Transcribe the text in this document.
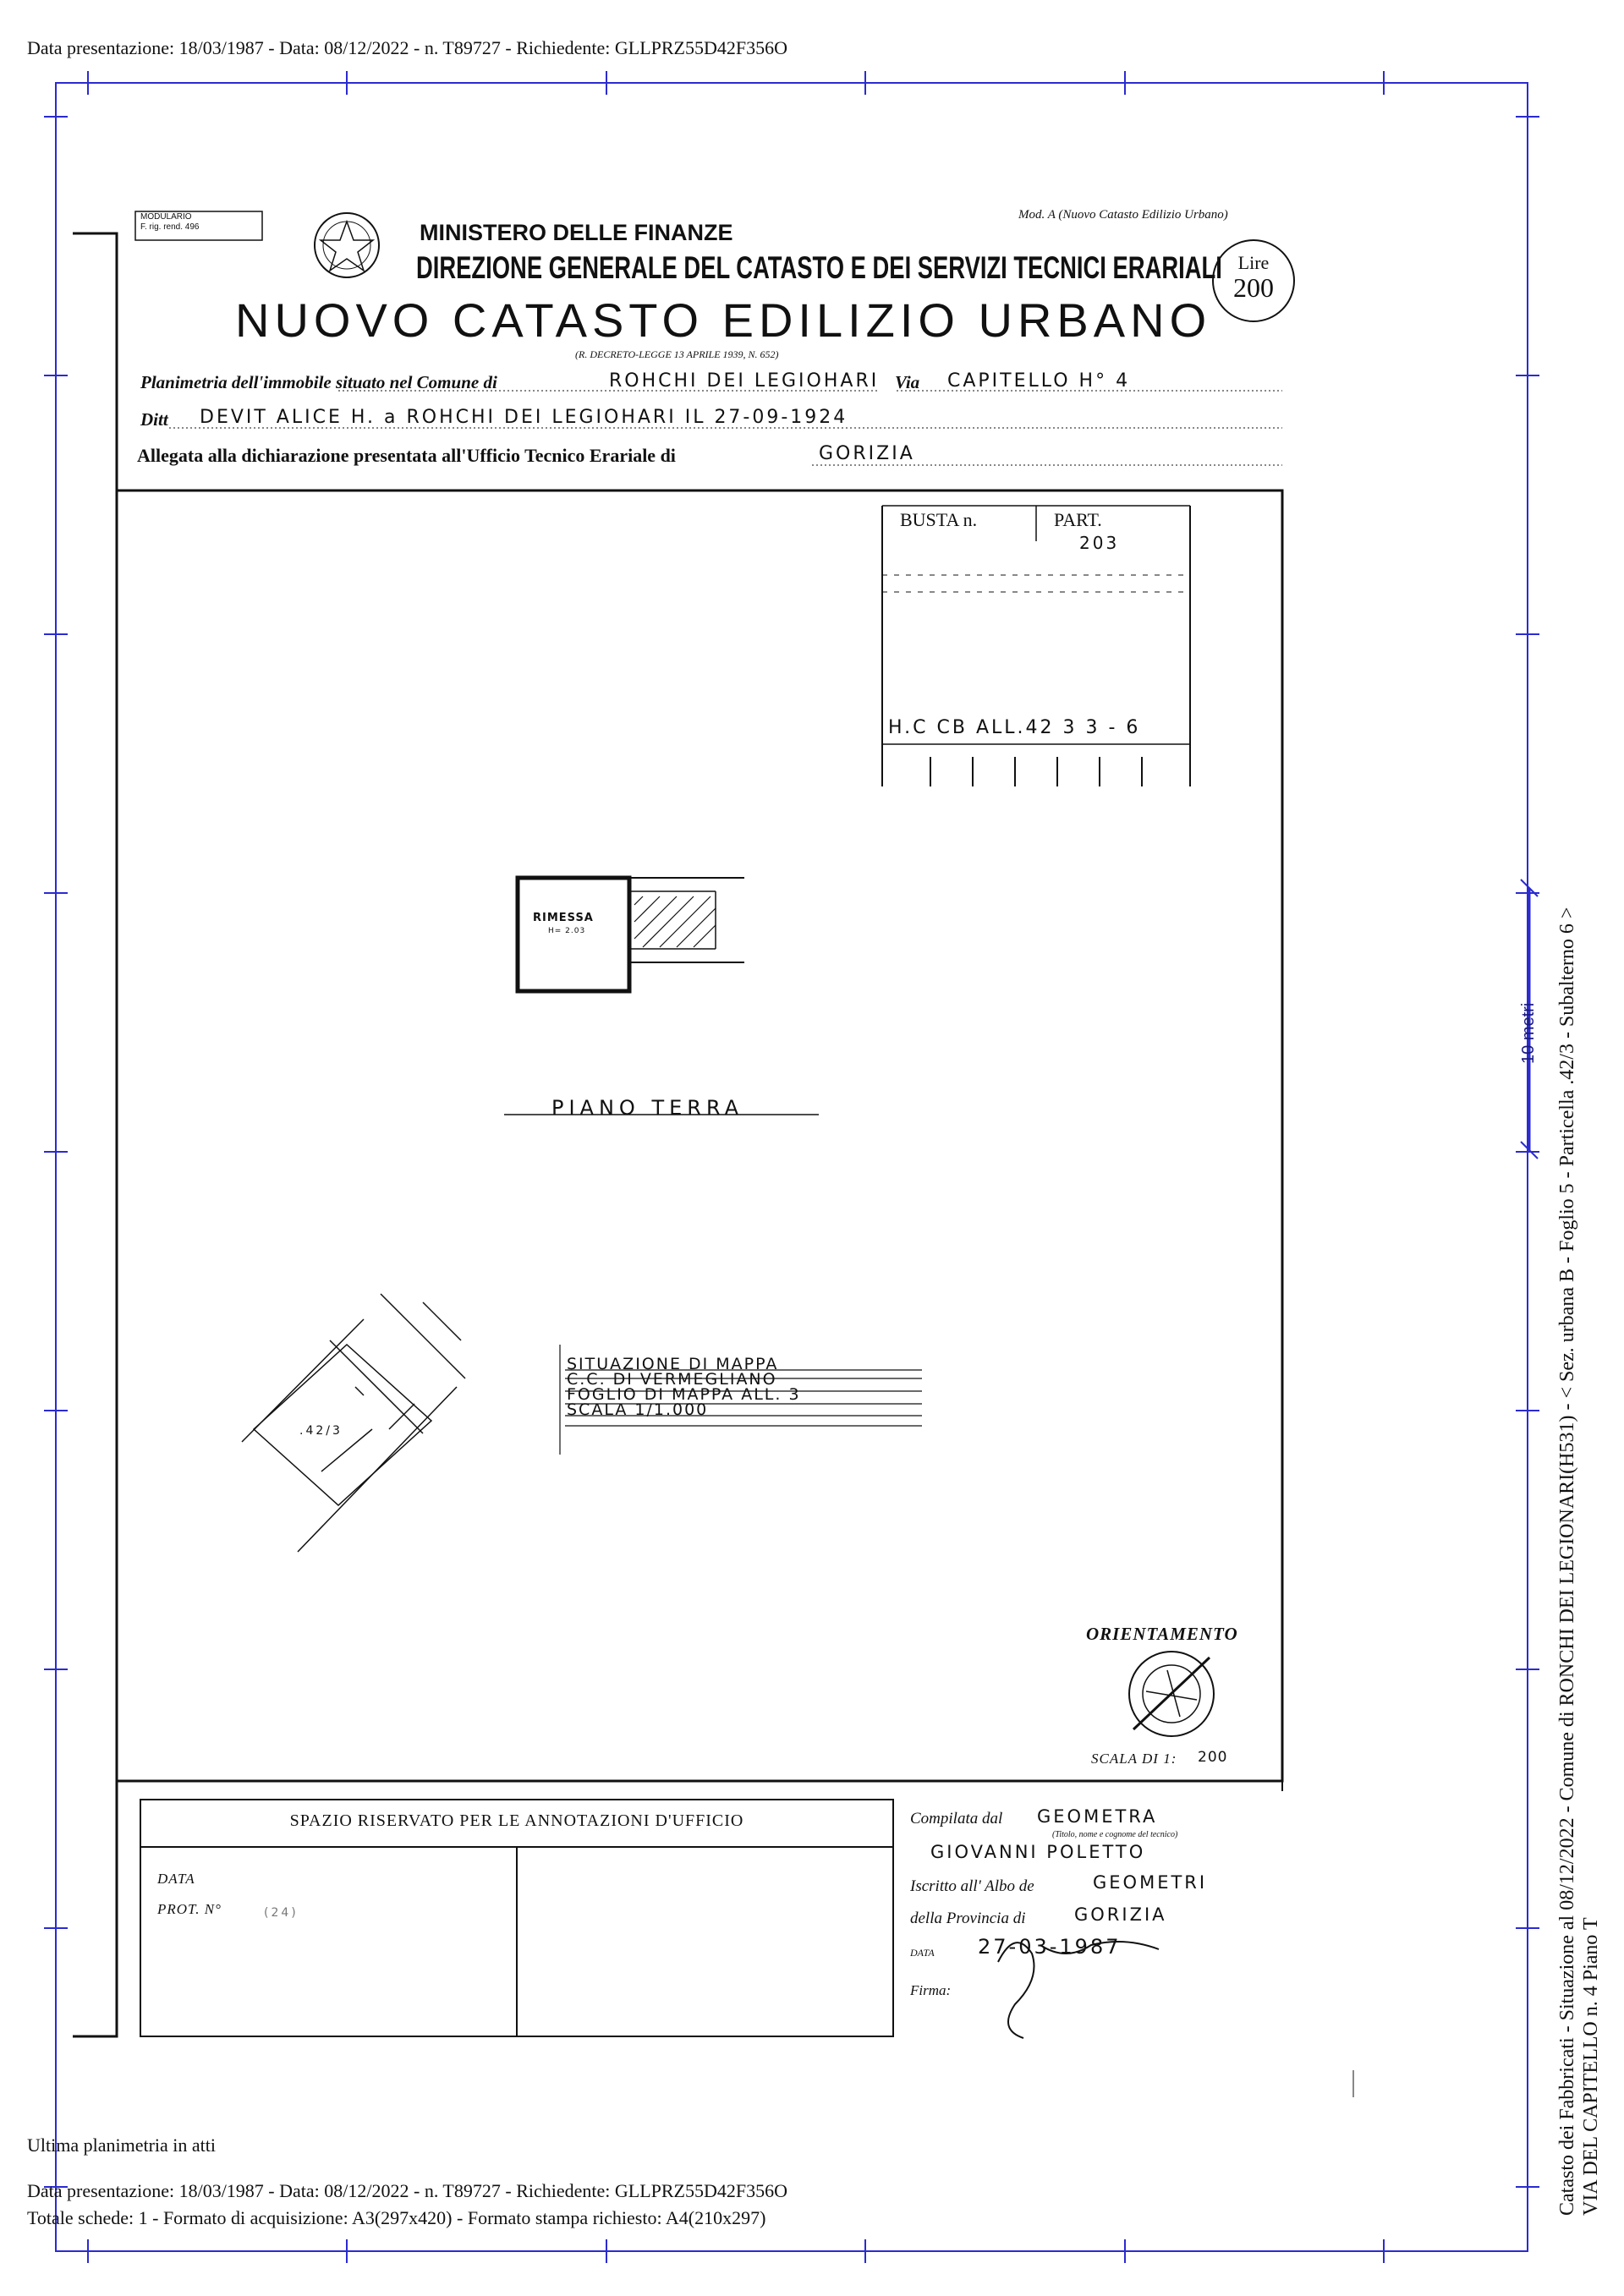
Data presentazione: 18/03/1987 - Data: 08/12/2022 - n. T89727 - Richiedente: GLLPRZ55D42F356O
MODULARIO
F. rig. rend. 496	MINISTERO DELLE FINANZE
DIREZIONE GENERALE DEL CATASTO E DEI SERVIZI TECNICI ERARIALI
NUOVO CATASTO EDILIZIO URBANO
(R. DECRETO-LEGGE 13 APRILE 1939, N. 652)
Mod. A (Nuovo Catasto Edilizio Urbano)
Lire
200
Planimetria dell'immobile situato nel Comune di	ROHCHI DEI LEGIOHARI Via CAPITELLO H° 4
Ditt DEVIT ALICE H. a ROHCHI DEI LEGIOHARI IL 27-09-1924
Allegata alla dichiarazione presentata all'Ufficio Tecnico Erariale di	GORIZIA
BUSTA n.	PART.
203
H.C CB ALL.42 3 3 - 6
RIMESSA
H= 2.03
PIANO TERRA
.42/3
SITUAZIONE DI MAPPA
C.C. DI VERMEGLIANO
FOGLIO DI MAPPA ALL. 3
SCALA 1/1.000
ORIENTAMENTO
SCALA DI 1: 200
SPAZIO RISERVATO PER LE ANNOTAZIONI D'UFFICIO
DATA
PROT. N°	(24)
Compilata dal GEOMETRA
(Titolo, nome e cognome del tecnico)
GIOVANNI POLETTO
Iscritto all' Albo de	GEOMETRI
della Provincia di	GORIZIA
DATA 27-03-1987
Firma:
10 metri Catasto dei Fabbricati - Situazione al 08/12/2022 - Comune di RONCHI DEI LEGIONARI(H531) - < Sez. urbana B - Foglio 5 - Particella .42/3 - Subalterno 6 > VIA DEL CAPITELLO n. 4 Piano T
Ultima planimetria in atti
Data presentazione: 18/03/1987 - Data: 08/12/2022 - n. T89727 - Richiedente: GLLPRZ55D42F356O
Totale schede: 1 - Formato di acquisizione: A3(297x420) - Formato stampa richiesto: A4(210x297)
